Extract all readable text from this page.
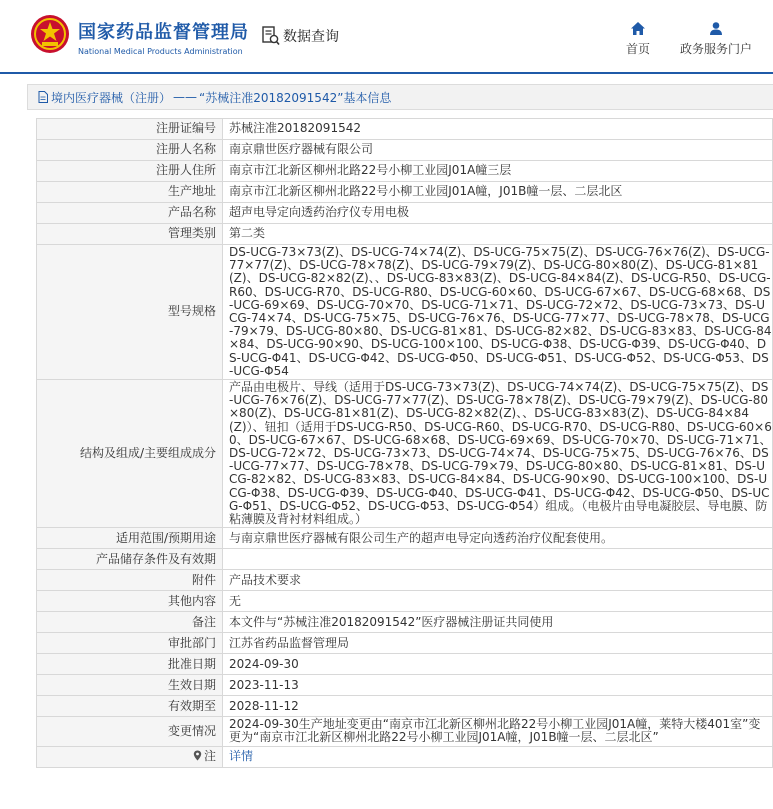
国家药品监督管理局
National Medical Products Administration
数据查询
首页 政务服务门户
境内医疗器械（注册） —— “苏械注准20182091542”基本信息
注册证编号	苏械注准20182091542
注册人名称	南京鼎世医疗器械有限公司
注册人住所	南京市江北新区柳州北路22号小柳工业园J01A幢三层
生产地址	南京市江北新区柳州北路22号小柳工业园J01A幢，J01B幢一层、二层北区
产品名称	超声电导定向透药治疗仪专用电极
管理类别	第二类
型号规格	DS-UCG-73×73(Z)、DS-UCG-74×74(Z)、DS-UCG-75×75(Z)、DS-UCG-76×76(Z)、DS-UCG-77×77(Z)、DS-UCG-78×78(Z)、DS-UCG-79×79(Z)、DS-UCG-80×80(Z)、DS-UCG-81×81(Z)、DS-UCG-82×82(Z)、、DS-UCG-83×83(Z)、DS-UCG-84×84(Z)、DS-UCG-R50、DS-UCG-R60、DS-UCG-R70、DS-UCG-R80、DS-UCG-60×60、DS-UCG-67×67、DS-UCG-68×68、DS-UCG-69×69、DS-UCG-70×70、DS-UCG-71×71、DS-UCG-72×72、DS-UCG-73×73、DS-UCG-74×74、DS-UCG-75×75、DS-UCG-76×76、DS-UCG-77×77、DS-UCG-78×78、DS-UCG-79×79、DS-UCG-80×80、DS-UCG-81×81、DS-UCG-82×82、DS-UCG-83×83、DS-UCG-84×84、DS-UCG-90×90、DS-UCG-100×100、DS-UCG-Φ38、DS-UCG-Φ39、DS-UCG-Φ40、DS-UCG-Φ41、DS-UCG-Φ42、DS-UCG-Φ50、DS-UCG-Φ51、DS-UCG-Φ52、DS-UCG-Φ53、DS-UCG-Φ54
结构及组成/主要组成成分	产品由电极片、导线（适用于DS-UCG-73×73(Z)、DS-UCG-74×74(Z)、DS-UCG-75×75(Z)、DS-UCG-76×76(Z)、DS-UCG-77×77(Z)、DS-UCG-78×78(Z)、DS-UCG-79×79(Z)、DS-UCG-80×80(Z)、DS-UCG-81×81(Z)、DS-UCG-82×82(Z)、、DS-UCG-83×83(Z)、DS-UCG-84×84(Z)）、钮扣（适用于DS-UCG-R50、DS-UCG-R60、DS-UCG-R70、DS-UCG-R80、DS-UCG-60×60、DS-UCG-67×67、DS-UCG-68×68、DS-UCG-69×69、DS-UCG-70×70、DS-UCG-71×71、DS-UCG-72×72、DS-UCG-73×73、DS-UCG-74×74、DS-UCG-75×75、DS-UCG-76×76、DS-UCG-77×77、DS-UCG-78×78、DS-UCG-79×79、DS-UCG-80×80、DS-UCG-81×81、DS-UCG-82×82、DS-UCG-83×83、DS-UCG-84×84、DS-UCG-90×90、DS-UCG-100×100、DS-UCG-Φ38、DS-UCG-Φ39、DS-UCG-Φ40、DS-UCG-Φ41、DS-UCG-Φ42、DS-UCG-Φ50、DS-UCG-Φ51、DS-UCG-Φ52、DS-UCG-Φ53、DS-UCG-Φ54）组成。（电极片由导电凝胶层、导电膜、防粘薄膜及背衬材料组成。）
适用范围/预期用途	与南京鼎世医疗器械有限公司生产的超声电导定向透药治疗仪配套使用。
产品储存条件及有效期	
附件	产品技术要求
其他内容	无
备注	本文件与“苏械注准20182091542”医疗器械注册证共同使用
审批部门	江苏省药品监督管理局
批准日期	2024-09-30
生效日期	2023-11-13
有效期至	2028-11-12
变更情况	2024-09-30生产地址变更由“南京市江北新区柳州北路22号小柳工业园J01A幢，莱特大楼401室”变更为“南京市江北新区柳州北路22号小柳工业园J01A幢，J01B幢一层、二层北区”
注	详情
